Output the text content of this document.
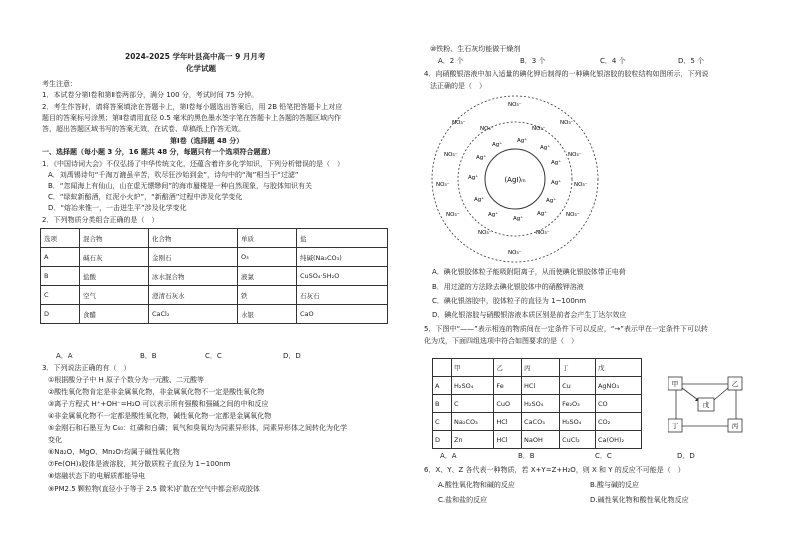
2024-2025 学年叶县高中高一 9 月月考
化学试题
考生注意：
1．本试卷分第Ⅰ卷和第Ⅱ卷两部分，满分 100 分，考试时间 75 分钟。
2．考生作答时，请将答案填涂在答题卡上，第Ⅰ卷每小题选出答案后，用 2B 铅笔把答题卡上对应
题目的答案标号涂黑；第Ⅱ卷请用直径 0.5 毫米的黑色墨水签字笔在答题卡上各题的答题区域内作
答，超出答题区域书写的答案无效，在试卷、草稿纸上作答无效。
第Ⅰ卷（选择题 48 分）
一、选择题（每小题 3 分，16 题共 48 分，每题只有一个选项符合题意）
1．《中国诗词大会》不仅弘扬了中华传统文化，还蕴含着许多化学知识，下列分析错误的是（　）
A．刘禹锡诗句“千淘万漉虽辛苦，吹尽狂沙始到金”，诗句中的“淘”相当于“过滤”
B．“忽闻海上有仙山，山在虚无缥缈间”的海市蜃楼是一种自然现象，与胶体知识有关
C．“绿蚁新醅酒，红泥小火炉”，“新醅酒”过程中涉及化学变化
D．“熔冶来惟一，一击迸生平”涉及化学变化
2．下列物质分类组合正确的是（　）
选项	混合物	化合物	单质	盐
A	碱石灰	金刚石	O₃	纯碱(Na₂CO₃)
B	盐酸	冰水混合物	液氯	CuSO₄·5H₂O
C	空气	澄清石灰水	铁	石灰石
D	食醋	CaCl₂	水银	CaO
A．A	B．B	C．C	D．D
3．下列说法正确的有（　）
①根据酸分子中 H 原子个数分为一元酸、二元酸等
②酸性氧化物肯定是非金属氧化物，非金属氧化物不一定是酸性氧化物
③离子方程式 H⁺+OH⁻=H₂O 可以表示所有强酸和强碱之间的中和反应
④非金属氧化物不一定都是酸性氧化物，碱性氧化物一定都是金属氧化物
⑤金刚石和石墨互为 C₆₀：红磷和白磷；氧气和臭氧均为同素异形体，同素异形体之间转化为化学
变化
⑥Na₂O、MgO、Mn₂O₇均属于碱性氧化物
⑦Fe(OH)₃胶体是液溶胶，其分散质粒子直径为 1~100nm
⑧熔融状态下的电解质都能导电
⑨PM2.5 颗粒物(直径小于等于 2.5 微米)扩散在空气中都会形成胶体
⑩铁粉、生石灰均能做干燥剂
A．2 个	B．3 个	C．4 个	D．5 个
4．向硝酸银溶液中加入适量的碘化钾后制得的一种碘化银溶胶的胶粒结构如图所示，下列说
法正确的是（　）
(AgI)ₘ
Ag⁺
Ag⁺
Ag⁺
Ag⁺
Ag⁺
Ag⁺
Ag⁺
Ag⁺	Ag⁺
Ag⁺
Ag⁺
Ag⁺
NO₃⁻
NO₃⁻
NO₃⁻
NO₃⁻	NO₃⁻
NO₃⁻	NO₃⁻
NO₃⁻	NO₃⁻
NO₃⁻	NO₃⁻
NO₃⁻	NO₃⁻
NO₃⁻
A．碘化银胶体粒子能吸附阳离子，从而使碘化银胶体带正电荷
B．用过滤的方法除去碘化银胶体中的硝酸钾溶液
C．碘化银溶胶中，胶体粒子的直径为 1~100nm
D．碘化银溶胶与硝酸银溶液本质区别是前者会产生丁达尔效应
5．下图中“——”表示相连的物质间在一定条件下可以反应，“→”表示甲在一定条件下可以转
化为戊，下面四组选项中符合如图要求的是（　）
	甲	乙	丙	丁	戊
A	H₂SO₄	Fe	HCl	Cu	AgNO₃
B	C	CuO	H₂SO₄	Fe₂O₃	CO
C	Na₂CO₃	HCl	CaCO₃	H₂SO₄	CO₂
D	Zn	HCl	NaOH	CuCl₂	Ca(OH)₂
甲	乙
戊
丁	丙
A．A	B．B	C．C	D．D
6．X、Y、Z 各代表一种物质，若 X+Y=Z+H₂O，则 X 和 Y 的反应不可能是（　）
A.酸性氧化物和碱的反应	B.酸与碱的反应
C.盐和盐的反应	D.碱性氧化物和酸性氧化物反应
